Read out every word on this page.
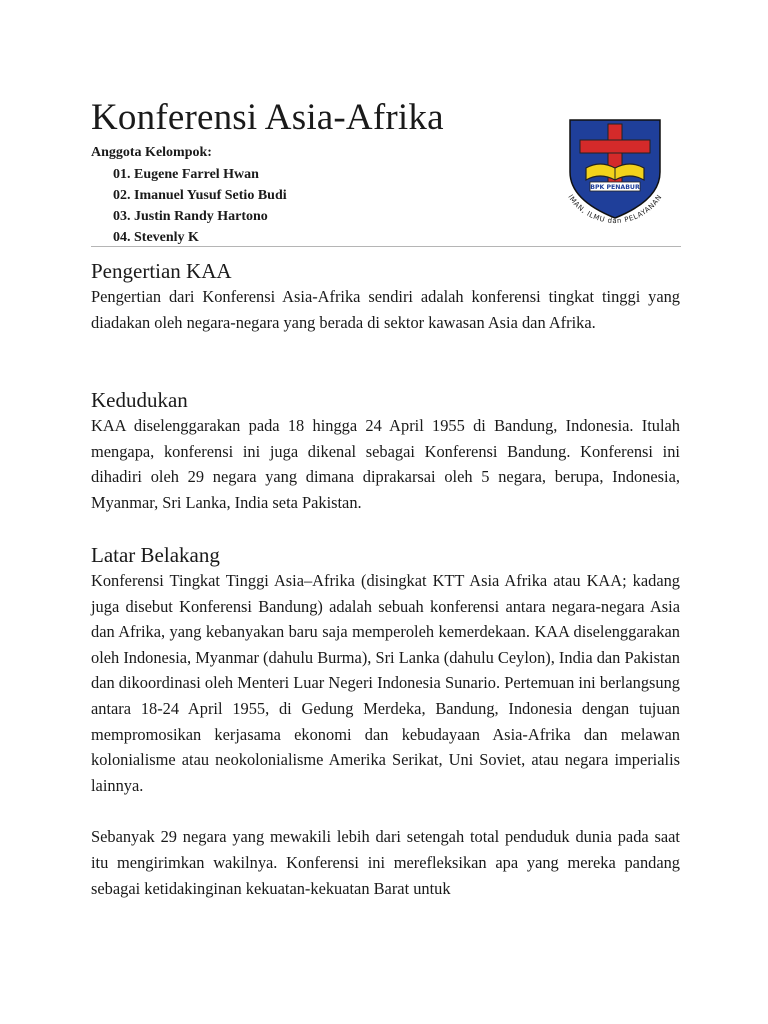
Konferensi Asia-Afrika
Anggota Kelompok:
01. Eugene Farrel Hwan
02. Imanuel Yusuf Setio Budi
03. Justin Randy Hartono
04. Stevenly K
BPK PENABUR
IMAN, ILMU dan PELAYANAN
Pengertian KAA

Pengertian dari Konferensi Asia-Afrika sendiri adalah konferensi tingkat tinggi yang diadakan oleh negara-negara yang berada di sektor kawasan Asia dan Afrika.

Kedudukan

KAA diselenggarakan pada 18 hingga 24 April 1955 di Bandung, Indonesia. Itulah mengapa, konferensi ini juga dikenal sebagai Konferensi Bandung. Konferensi ini dihadiri oleh 29 negara yang dimana diprakarsai oleh 5 negara, berupa, Indonesia, Myanmar, Sri Lanka, India seta Pakistan.

Latar Belakang

Konferensi Tingkat Tinggi Asia–Afrika (disingkat KTT Asia Afrika atau KAA; kadang juga disebut Konferensi Bandung) adalah sebuah konferensi antara negara-negara Asia dan Afrika, yang kebanyakan baru saja memperoleh kemerdekaan. KAA diselenggarakan oleh Indonesia, Myanmar (dahulu Burma), Sri Lanka (dahulu Ceylon), India dan Pakistan dan dikoordinasi oleh Menteri Luar Negeri Indonesia Sunario. Pertemuan ini berlangsung antara 18-24 April 1955, di Gedung Merdeka, Bandung, Indonesia dengan tujuan mempromosikan kerjasama ekonomi dan kebudayaan Asia-Afrika dan melawan kolonialisme atau neokolonialisme Amerika Serikat, Uni Soviet, atau negara imperialis lainnya.

Sebanyak 29 negara yang mewakili lebih dari setengah total penduduk dunia pada saat itu mengirimkan wakilnya. Konferensi ini merefleksikan apa yang mereka pandang sebagai ketidakinginan kekuatan-kekuatan Barat untuk
